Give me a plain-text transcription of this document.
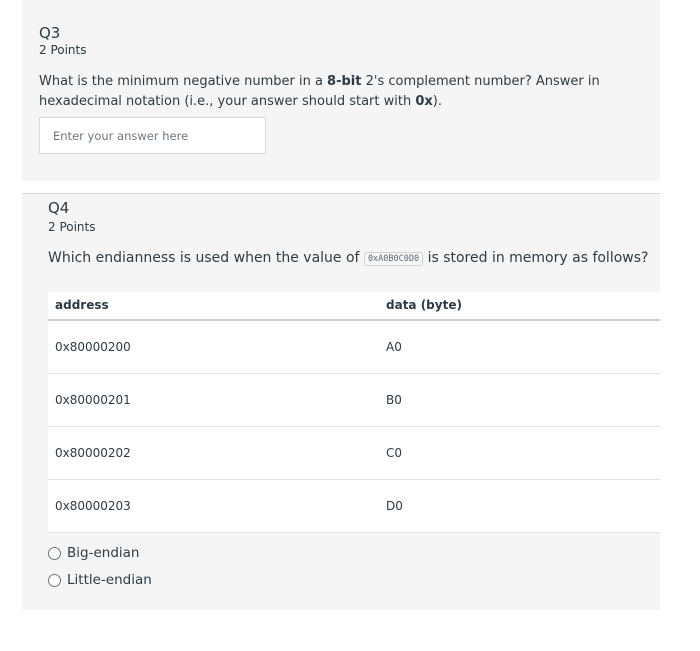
Q3
2 Points
What is the minimum negative number in a 8-bit 2's complement number? Answer in hexadecimal notation (i.e., your answer should start with 0x).
Enter your answer here
Q4
2 Points
Which endianness is used when the value of 0xA0B0C0D0 is stored in memory as follows?
address	data (byte)
0x80000200	A0
0x80000201	B0
0x80000202	C0
0x80000203	D0
Big-endian
Little-endian
